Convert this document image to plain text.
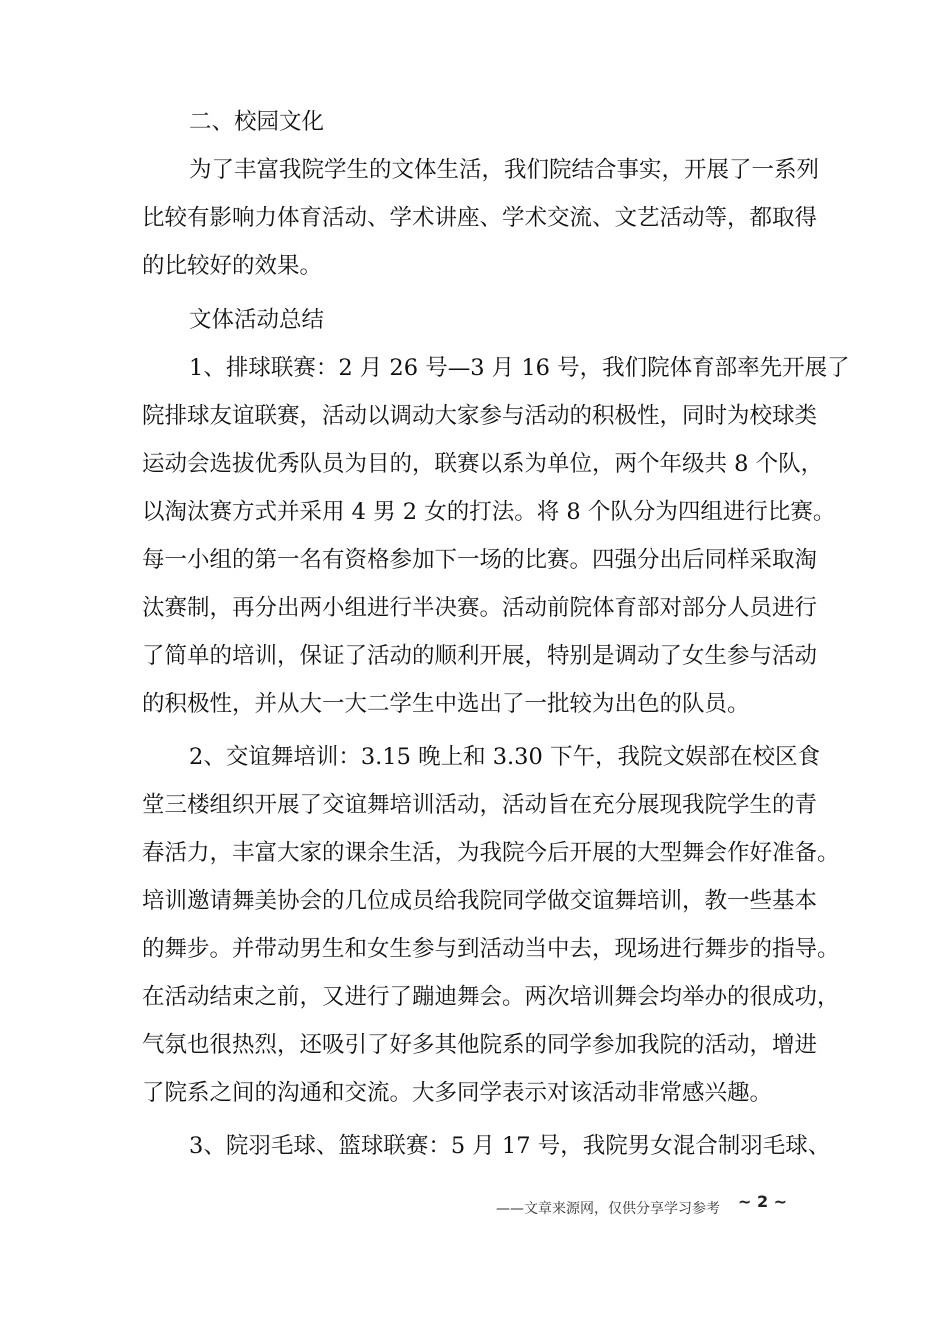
二、校园文化
为了丰富我院学生的文体生活，我们院结合事实，开展了一系列
比较有影响力体育活动、学术讲座、学术交流、文艺活动等，都取得
的比较好的效果。
文体活动总结
1、排球联赛：2 月 26 号—3 月 16 号，我们院体育部率先开展了
院排球友谊联赛，活动以调动大家参与活动的积极性，同时为校球类
运动会选拔优秀队员为目的，联赛以系为单位，两个年级共 8 个队，
以淘汰赛方式并采用 4 男 2 女的打法。将 8 个队分为四组进行比赛。
每一小组的第一名有资格参加下一场的比赛。四强分出后同样采取淘
汰赛制，再分出两小组进行半决赛。活动前院体育部对部分人员进行
了简单的培训，保证了活动的顺利开展，特别是调动了女生参与活动
的积极性，并从大一大二学生中选出了一批较为出色的队员。
2、交谊舞培训：3.15 晚上和 3.30 下午，我院文娱部在校区食
堂三楼组织开展了交谊舞培训活动，活动旨在充分展现我院学生的青
春活力，丰富大家的课余生活，为我院今后开展的大型舞会作好准备。
培训邀请舞美协会的几位成员给我院同学做交谊舞培训，教一些基本
的舞步。并带动男生和女生参与到活动当中去，现场进行舞步的指导。
在活动结束之前，又进行了蹦迪舞会。两次培训舞会均举办的很成功，
气氛也很热烈，还吸引了好多其他院系的同学参加我院的活动，增进
了院系之间的沟通和交流。大多同学表示对该活动非常感兴趣。
3、院羽毛球、篮球联赛：5 月 17 号，我院男女混合制羽毛球、
——文章来源网，仅供分享学习参考 ~ 2 ~
